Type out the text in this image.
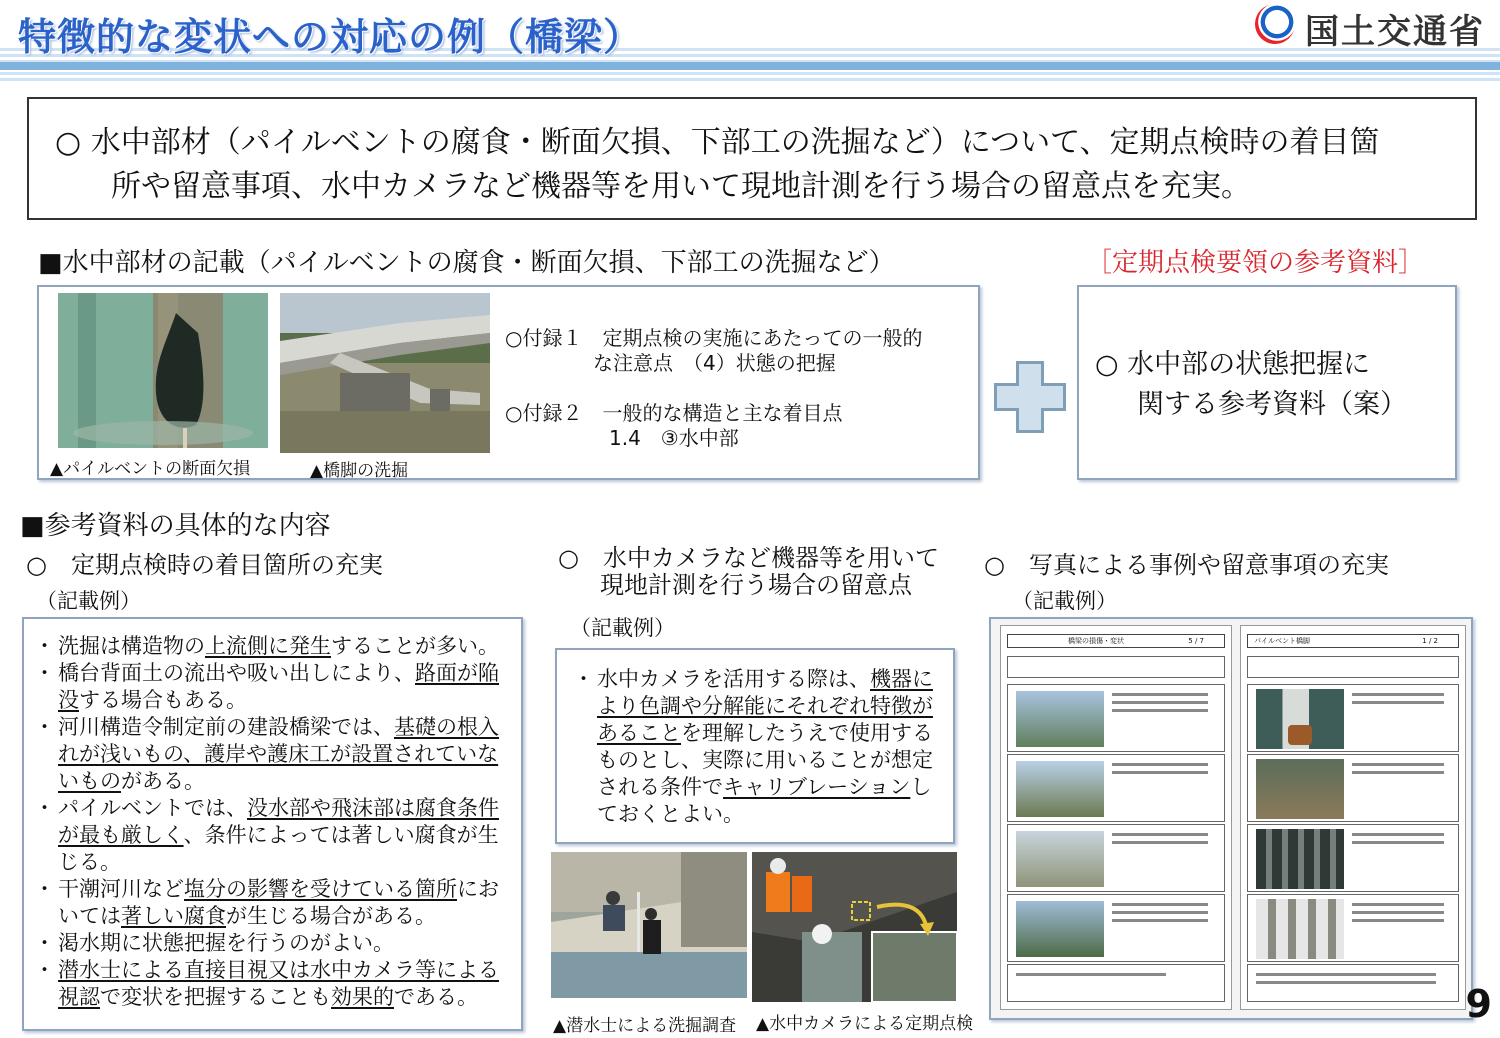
特徴的な変状への対応の例（橋梁）	国土交通省
○ 水中部材（パイルベントの腐食・断面欠損、下部工の洗掘など）について、定期点検時の着目箇
所や留意事項、水中カメラなど機器等を用いて現地計測を行う場合の留意点を充実。
■水中部材の記載（パイルベントの腐食・断面欠損、下部工の洗掘など）	［定期点検要領の参考資料］
▲パイルベントの断面欠損	▲橋脚の洗掘
○付録１　定期点検の実施にあたっての一般的
な注意点　（4）状態の把握
○付録２　一般的な構造と主な着目点
1.4　③水中部
○ 水中部の状態把握に
関する参考資料（案）
■参考資料の具体的な内容
○　定期点検時の着目箇所の充実
（記載例）
・ 洗掘は構造物の上流側に発生することが多い。
・ 橋台背面土の流出や吸い出しにより、路面が陥没する場合もある。
・ 河川構造令制定前の建設橋梁では、基礎の根入れが浅いもの、護岸や護床工が設置されていないものがある。
・ パイルベントでは、没水部や飛沫部は腐食条件が最も厳しく、条件によっては著しい腐食が生じる。
・ 干潮河川など塩分の影響を受けている箇所においては著しい腐食が生じる場合がある。
・ 渇水期に状態把握を行うのがよい。
・ 潜水士による直接目視又は水中カメラ等による視認で変状を把握することも効果的である。
○　水中カメラなど機器等を用いて
現地計測を行う場合の留意点
（記載例）
・ 水中カメラを活用する際は、機器により色調や分解能にそれぞれ特徴があることを理解したうえで使用するものとし、実際に用いることが想定される条件でキャリブレーションしておくとよい。
▲潜水士による洗掘調査 ▲水中カメラによる定期点検
○　写真による事例や留意事項の充実
（記載例）
橋梁の損傷・変状	5 / 7	パイルベント橋脚	1 / 2
9
